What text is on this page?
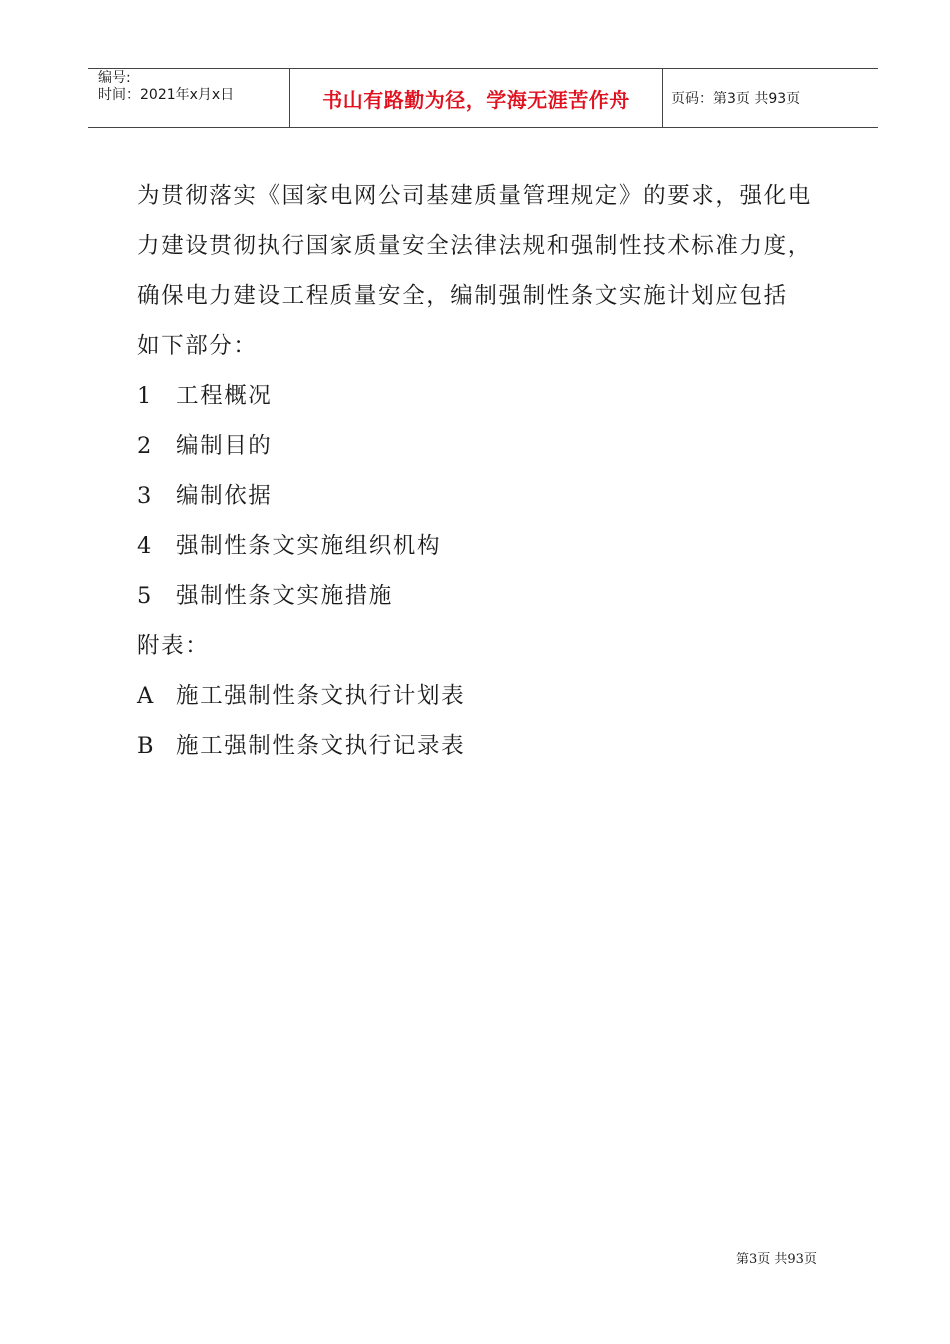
编号:
时间：2021年x月x日	书山有路勤为径，学海无涯苦作舟	页码：第3页 共93页

为贯彻落实《国家电网公司基建质量管理规定》的要求，强化电

力建设贯彻执行国家质量安全法律法规和强制性技术标准力度，

确保电力建设工程质量安全，编制强制性条文实施计划应包括

如下部分：

1 工程概况
2 编制目的
3 编制依据
4 强制性条文实施组织机构
5 强制性条文实施措施
附表：
A 施工强制性条文执行计划表
B 施工强制性条文执行记录表
第3页 共93页
